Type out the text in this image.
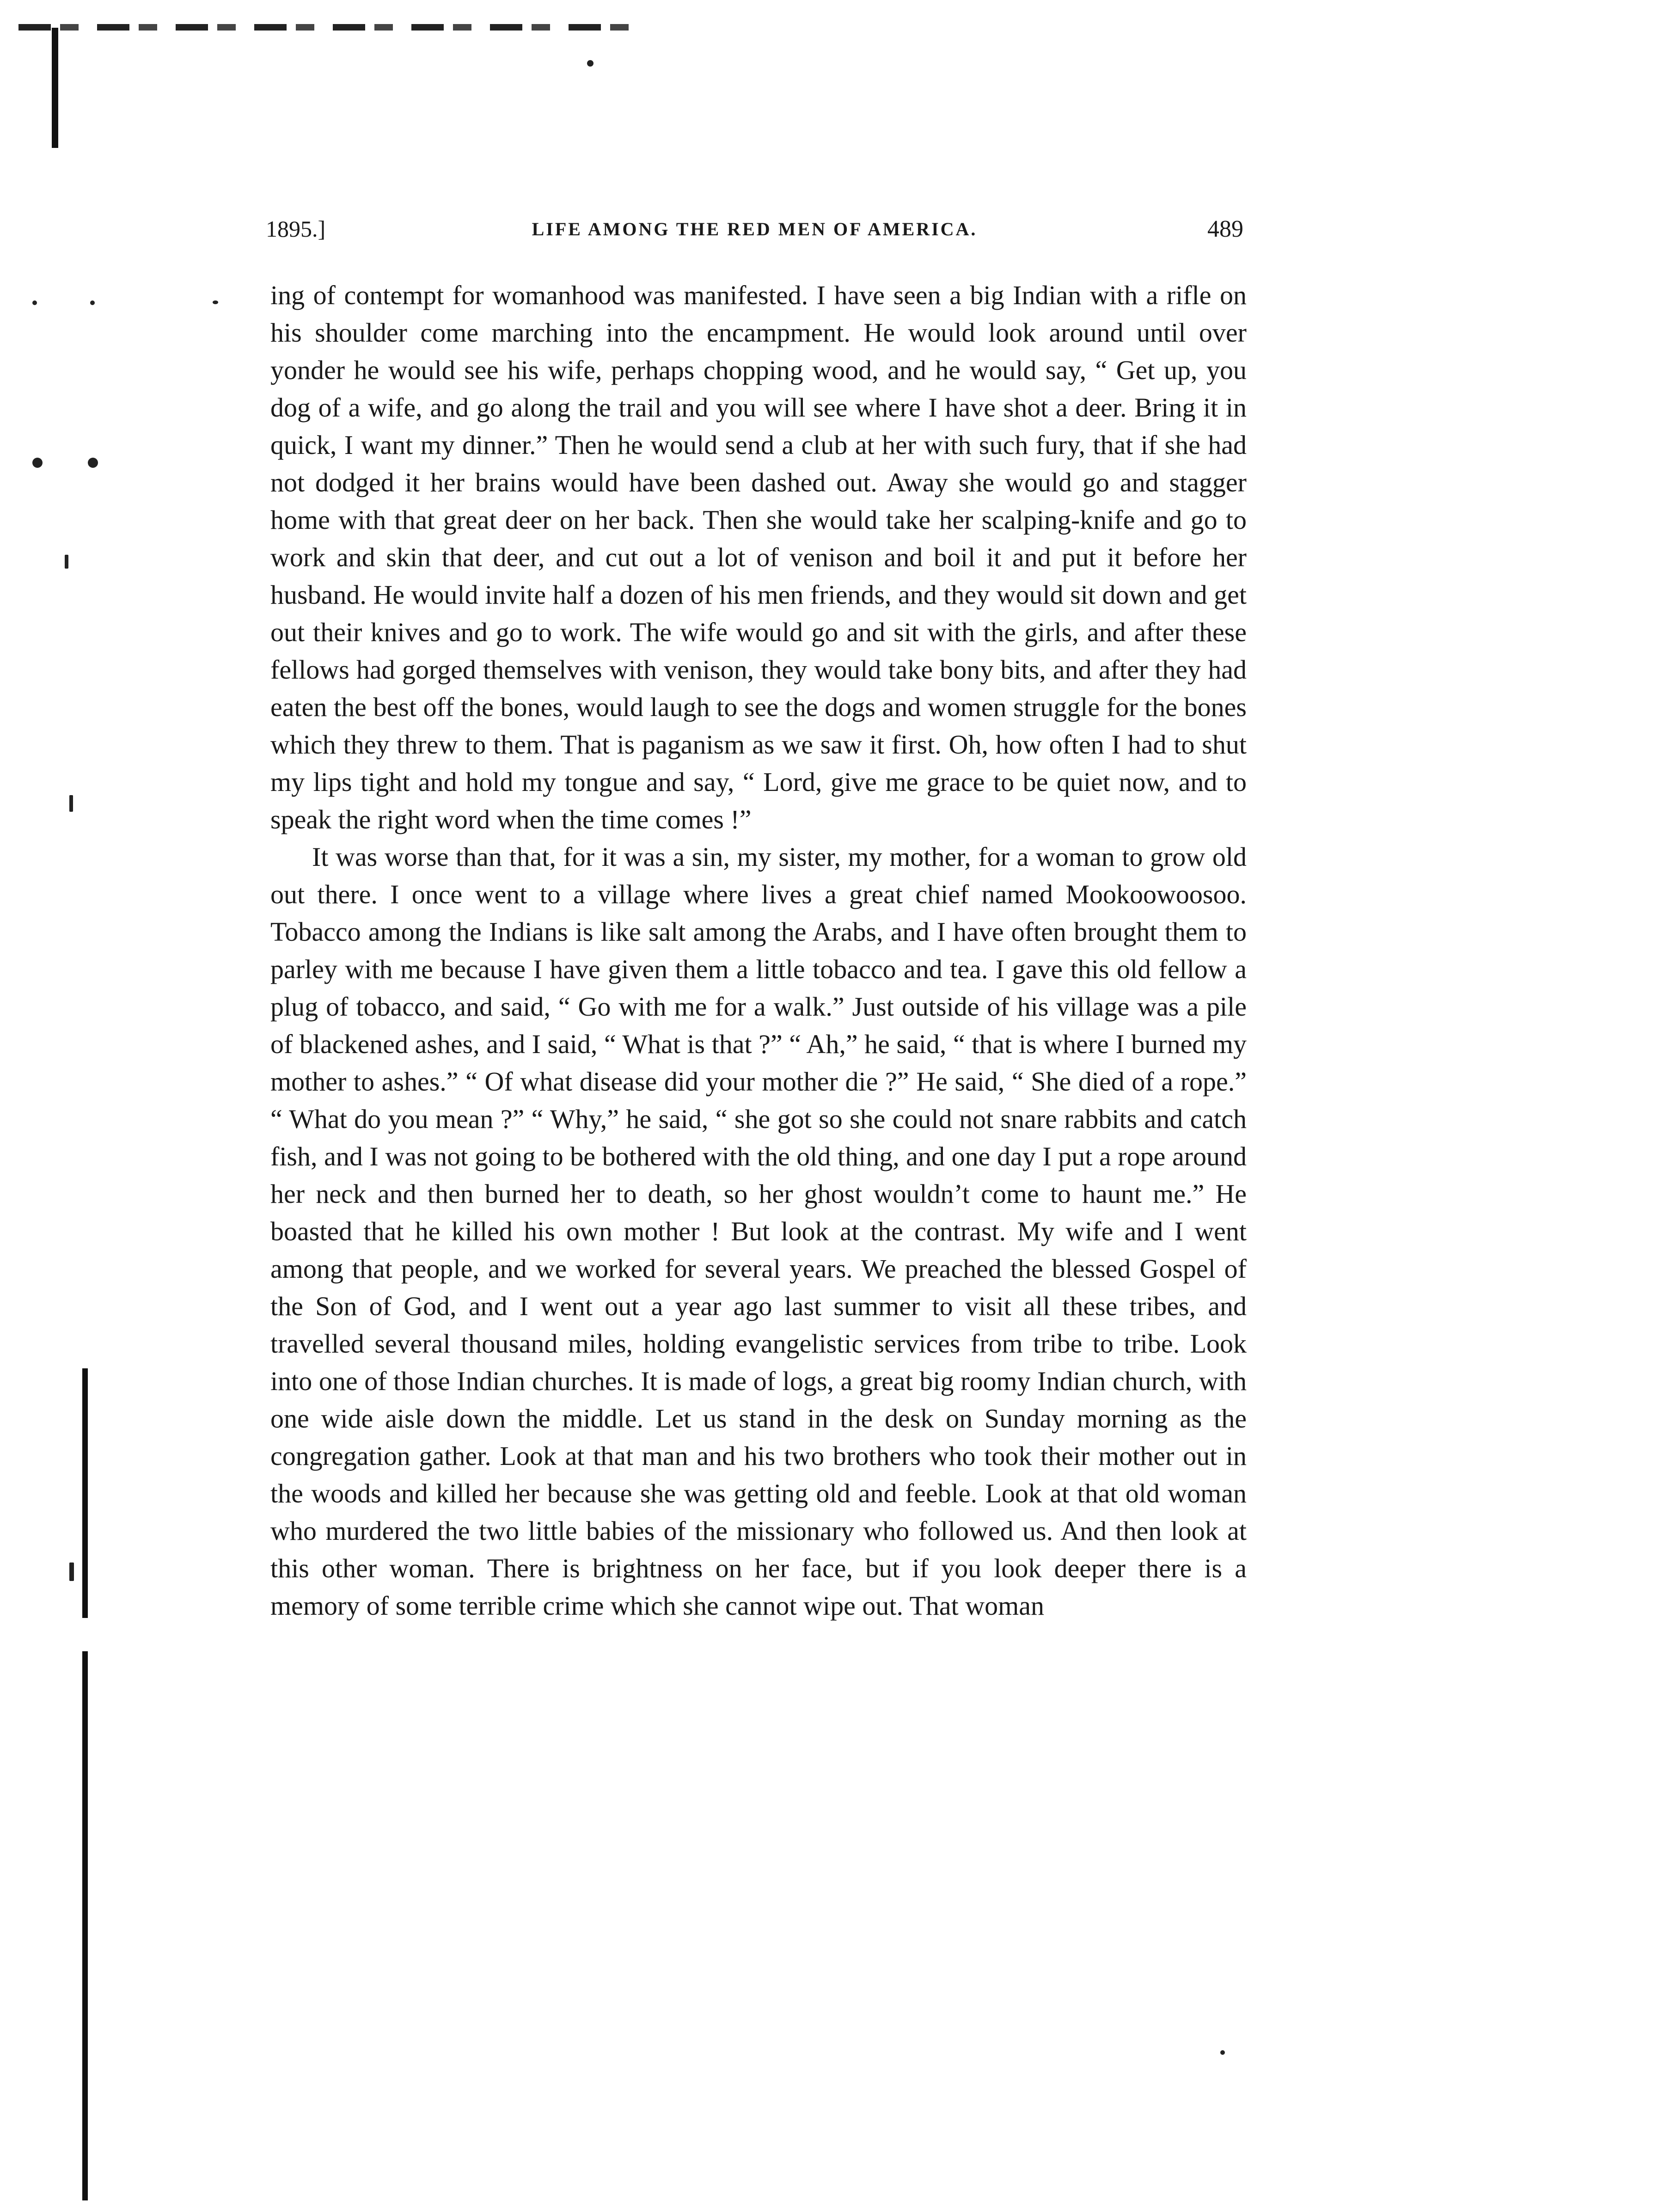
1895.]	LIFE AMONG THE RED MEN OF AMERICA.	489

ing of contempt for womanhood was manifested. I have seen a big Indian with a rifle on his shoulder come marching into the encampment. He would look around until over yonder he would see his wife, perhaps chopping wood, and he would say, “ Get up, you dog of a wife, and go along the trail and you will see where I have shot a deer. Bring it in quick, I want my dinner.” Then he would send a club at her with such fury, that if she had not dodged it her brains would have been dashed out. Away she would go and stagger home with that great deer on her back. Then she would take her scalping-knife and go to work and skin that deer, and cut out a lot of venison and boil it and put it before her husband. He would invite half a dozen of his men friends, and they would sit down and get out their knives and go to work. The wife would go and sit with the girls, and after these fellows had gorged themselves with venison, they would take bony bits, and after they had eaten the best off the bones, would laugh to see the dogs and women struggle for the bones which they threw to them. That is paganism as we saw it first. Oh, how often I had to shut my lips tight and hold my tongue and say, “ Lord, give me grace to be quiet now, and to speak the right word when the time comes !”

It was worse than that, for it was a sin, my sister, my mother, for a woman to grow old out there. I once went to a village where lives a great chief named Mookoowoosoo. Tobacco among the Indians is like salt among the Arabs, and I have often brought them to parley with me because I have given them a little tobacco and tea. I gave this old fellow a plug of tobacco, and said, “ Go with me for a walk.” Just outside of his village was a pile of blackened ashes, and I said, “ What is that ?” “ Ah,” he said, “ that is where I burned my mother to ashes.” “ Of what disease did your mother die ?” He said, “ She died of a rope.” “ What do you mean ?” “ Why,” he said, “ she got so she could not snare rabbits and catch fish, and I was not going to be bothered with the old thing, and one day I put a rope around her neck and then burned her to death, so her ghost wouldn’t come to haunt me.” He boasted that he killed his own mother ! But look at the contrast. My wife and I went among that people, and we worked for several years. We preached the blessed Gospel of the Son of God, and I went out a year ago last summer to visit all these tribes, and travelled several thousand miles, holding evangelistic services from tribe to tribe. Look into one of those Indian churches. It is made of logs, a great big roomy Indian church, with one wide aisle down the middle. Let us stand in the desk on Sunday morning as the congregation gather. Look at that man and his two brothers who took their mother out in the woods and killed her because she was getting old and feeble. Look at that old woman who murdered the two little babies of the missionary who followed us. And then look at this other woman. There is brightness on her face, but if you look deeper there is a memory of some terrible crime which she cannot wipe out. That woman
